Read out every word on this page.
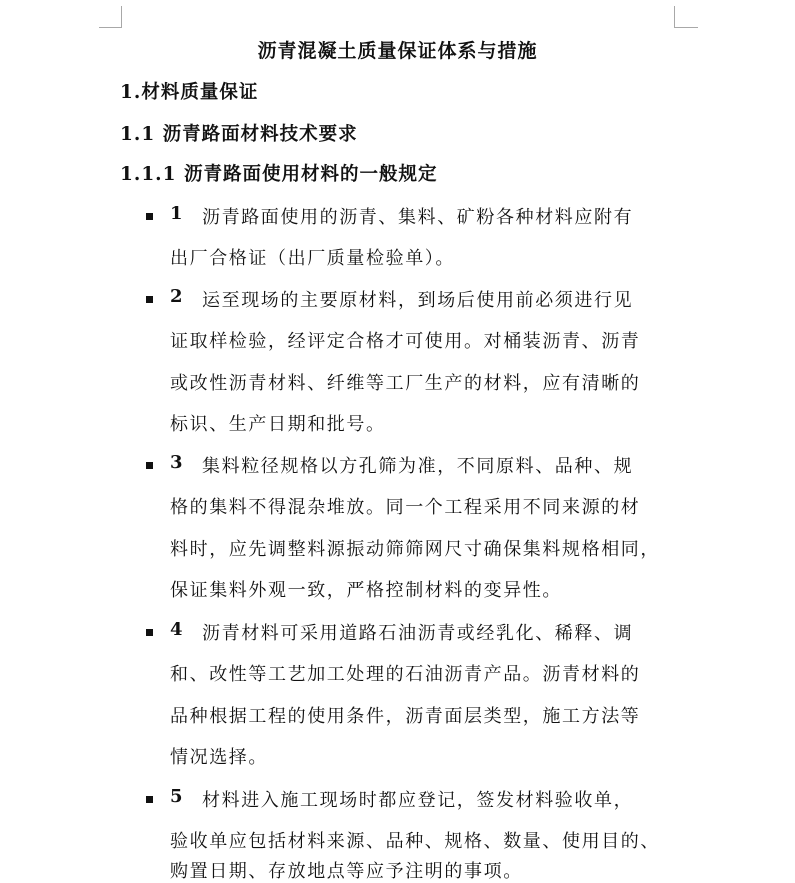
沥青混凝土质量保证体系与措施
1.材料质量保证
1.1 沥青路面材料技术要求
1.1.1 沥青路面使用材料的一般规定
1 沥青路面使用的沥青、集料、矿粉各种材料应附有
出厂合格证（出厂质量检验单）。
2 运至现场的主要原材料，到场后使用前必须进行见
证取样检验，经评定合格才可使用。对桶装沥青、沥青
或改性沥青材料、纤维等工厂生产的材料，应有清晰的
标识、生产日期和批号。
3 集料粒径规格以方孔筛为准，不同原料、品种、规
格的集料不得混杂堆放。同一个工程采用不同来源的材
料时，应先调整料源振动筛筛网尺寸确保集料规格相同，
保证集料外观一致，严格控制材料的变异性。
4 沥青材料可采用道路石油沥青或经乳化、稀释、调
和、改性等工艺加工处理的石油沥青产品。沥青材料的
品种根据工程的使用条件，沥青面层类型，施工方法等
情况选择。
5 材料进入施工现场时都应登记，签发材料验收单，
验收单应包括材料来源、品种、规格、数量、使用目的、
购置日期、存放地点等应予注明的事项。
